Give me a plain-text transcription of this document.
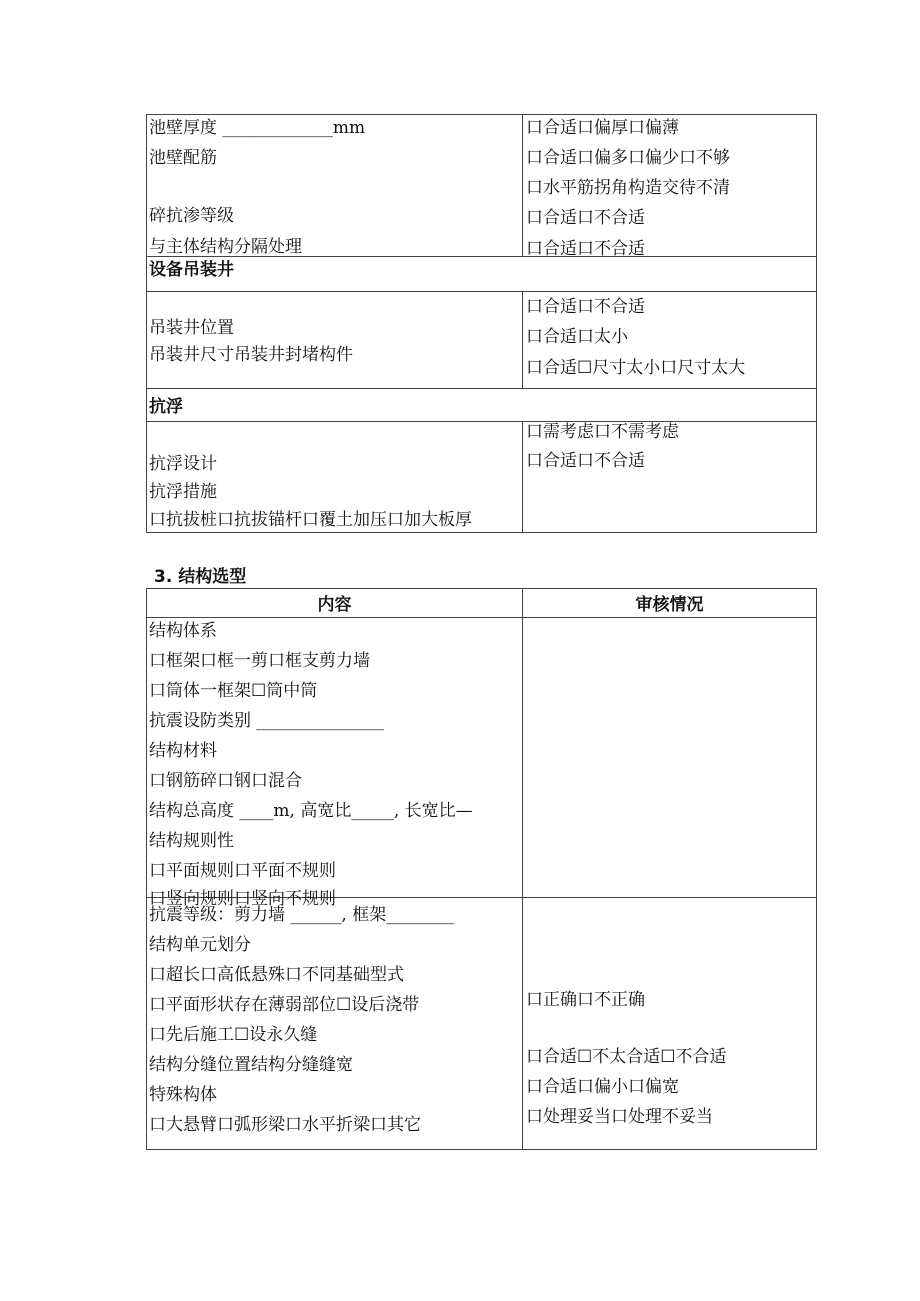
池壁厚度 _____________mm
池壁配筋
碎抗渗等级
与主体结构分隔处理
口合适口偏厚口偏薄
口合适口偏多口偏少口不够
口水平筋拐角构造交待不清
口合适口不合适
口合适口不合适
设备吊装井
吊装井位置
吊装井尺寸吊装井封堵构件
口合适口不合适
口合适口太小
口合适☐尺寸太小口尺寸太大
抗浮
抗浮设计
抗浮措施
口抗拔桩口抗拔锚杆口覆土加压口加大板厚
口需考虑口不需考虑
口合适口不合适
3. 结构选型
内容	审核情况
结构体系
口框架口框一剪口框支剪力墙
口筒体一框架☐筒中筒
抗震设防类别 _______________
结构材料
口钢筋碎口钢口混合
结构总高度 ____m, 高宽比_____, 长宽比—
结构规则性
口平面规则口平面不规则
口竖向规则口竖向不规则
抗震等级：剪力墙 ______, 框架________
结构单元划分
口超长口高低悬殊口不同基础型式
口平面形状存在薄弱部位☐设后浇带
口先后施工☐设永久缝
结构分缝位置结构分缝缝宽
特殊构体
口大悬臂口弧形梁口水平折梁口其它
口正确口不正确
口合适☐不太合适☐不合适
口合适口偏小口偏宽
口处理妥当口处理不妥当
